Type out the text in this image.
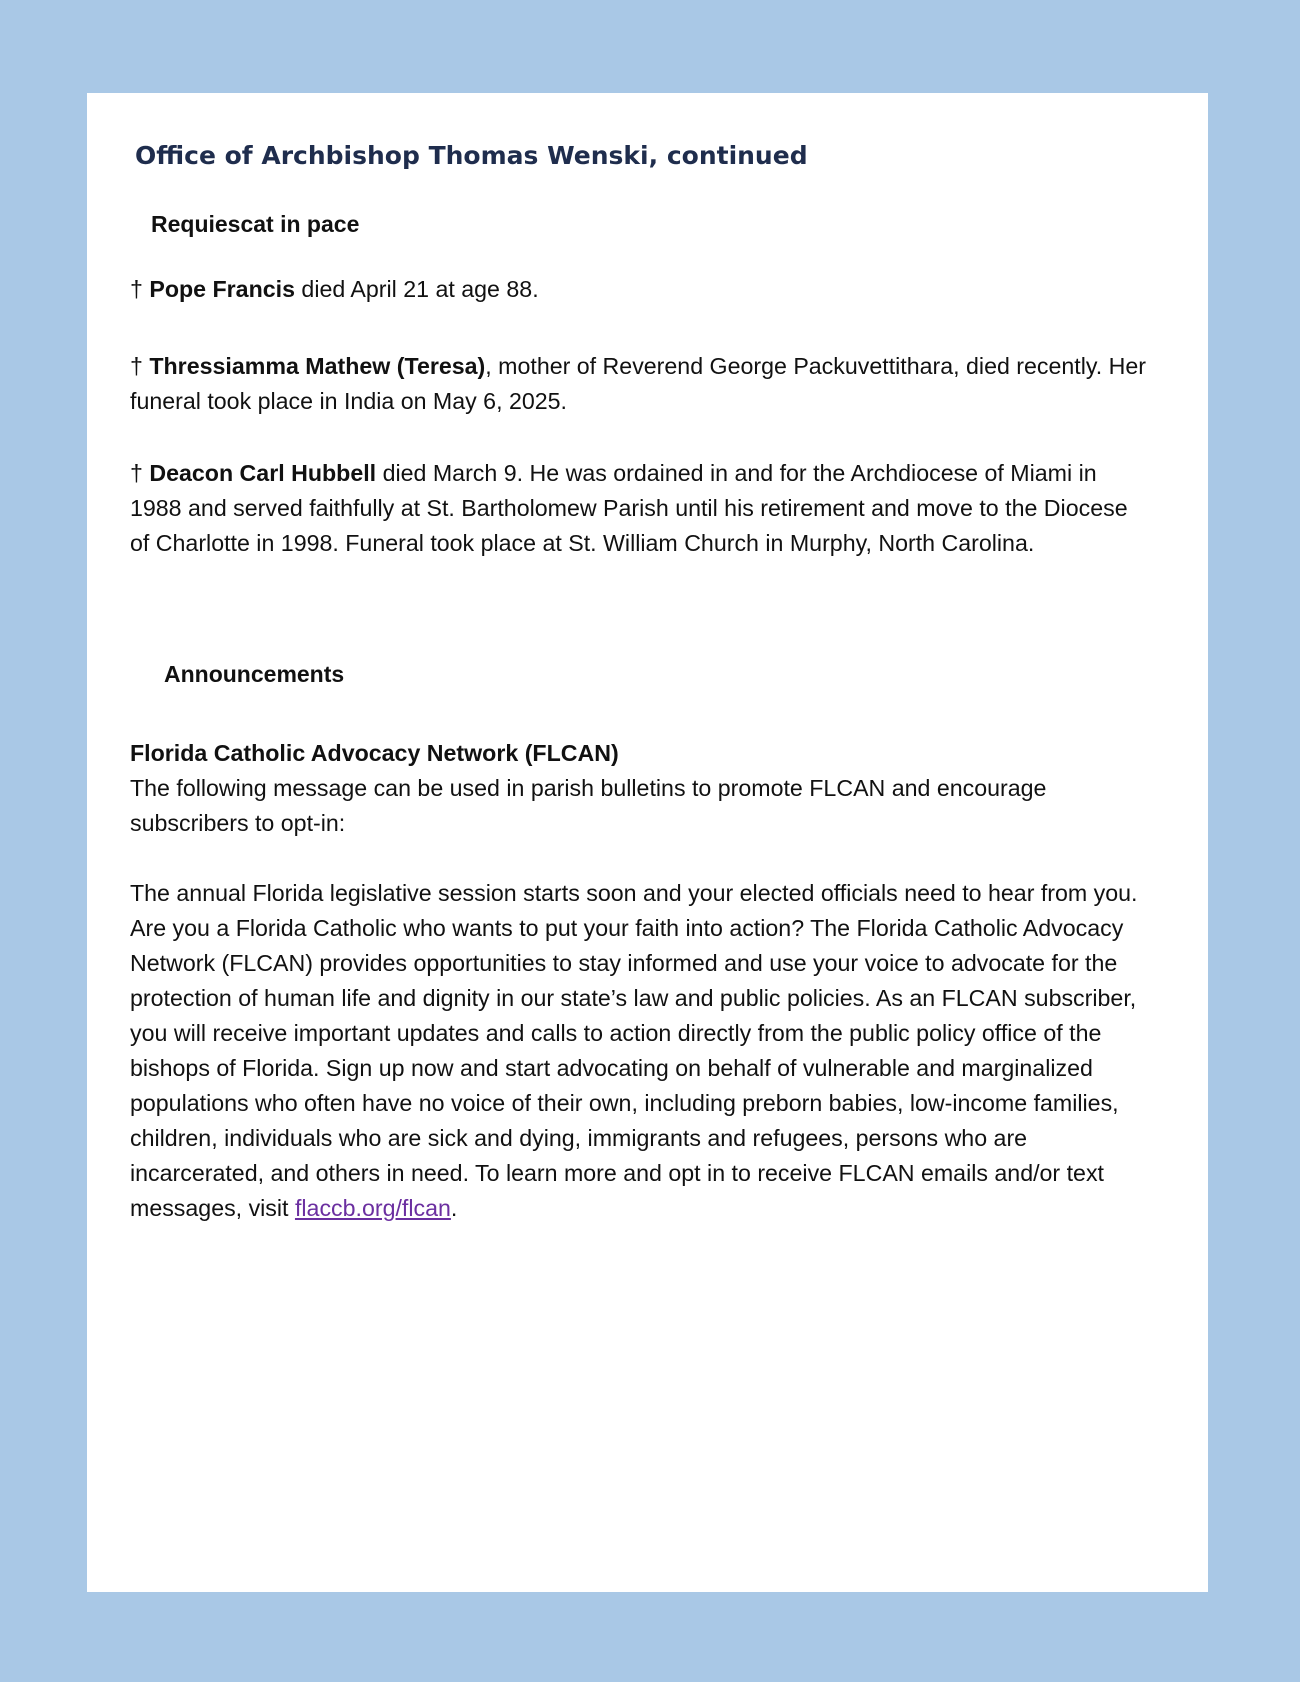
Office of Archbishop Thomas Wenski, continued
Requiescat in pace

† Pope Francis died April 21 at age 88.

† Thressiamma Mathew (Teresa), mother of Reverend George Packuvettithara, died recently. Her funeral took place in India on May 6, 2025.

† Deacon Carl Hubbell died March 9. He was ordained in and for the Archdiocese of Miami in 1988 and served faithfully at St. Bartholomew Parish until his retirement and move to the Diocese of Charlotte in 1998. Funeral took place at St. William Church in Murphy, North Carolina.

Announcements

Florida Catholic Advocacy Network (FLCAN)
The following message can be used in parish bulletins to promote FLCAN and encourage subscribers to opt-in:

The annual Florida legislative session starts soon and your elected officials need to hear from you. Are you a Florida Catholic who wants to put your faith into action? The Florida Catholic Advocacy Network (FLCAN) provides opportunities to stay informed and use your voice to advocate for the protection of human life and dignity in our state’s law and public policies. As an FLCAN subscriber, you will receive important updates and calls to action directly from the public policy office of the bishops of Florida. Sign up now and start advocating on behalf of vulnerable and marginalized populations who often have no voice of their own, including preborn babies, low-income families, children, individuals who are sick and dying, immigrants and refugees, persons who are incarcerated, and others in need. To learn more and opt in to receive FLCAN emails and/or text messages, visit flaccb.org/flcan.
